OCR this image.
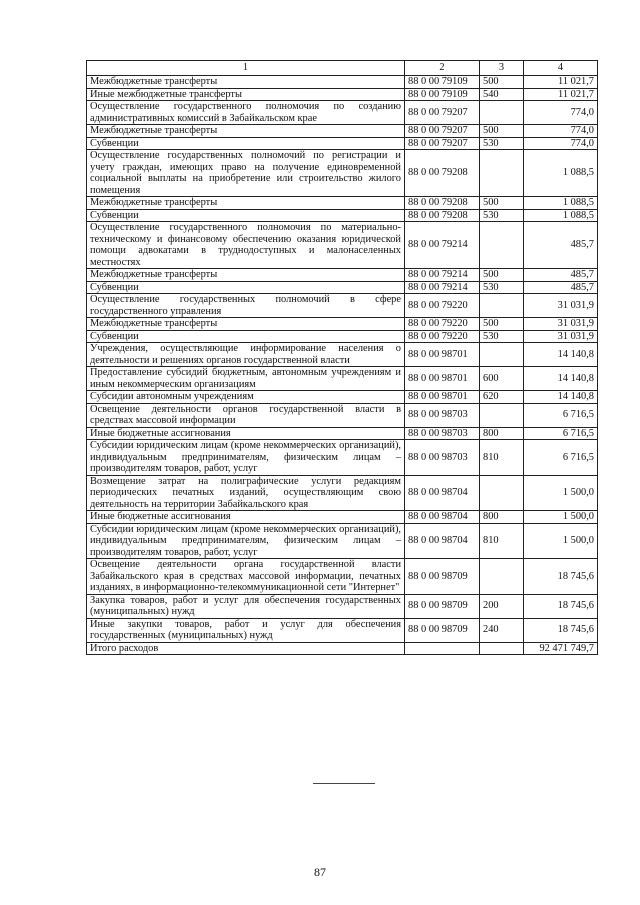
1	2	3	4
Межбюджетные трансферты	88 0 00 79109	500	11 021,7
Иные межбюджетные трансферты	88 0 00 79109	540	11 021,7
Осуществление государственного полномочия по созданию административных комиссий в Забайкальском крае	88 0 00 79207		774,0
Межбюджетные трансферты	88 0 00 79207	500	774,0
Субвенции	88 0 00 79207	530	774,0
Осуществление государственных полномочий по регистрации и учету граждан, имеющих право на получение единовременной социальной выплаты на приобретение или строительство жилого помещения	88 0 00 79208		1 088,5
Межбюджетные трансферты	88 0 00 79208	500	1 088,5
Субвенции	88 0 00 79208	530	1 088,5
Осуществление государственного полномочия по материально-техническому и финансовому обеспечению оказания юридической помощи адвокатами в труднодоступных и малонаселенных местностях	88 0 00 79214		485,7
Межбюджетные трансферты	88 0 00 79214	500	485,7
Субвенции	88 0 00 79214	530	485,7
Осуществление государственных полномочий в сфере государственного управления	88 0 00 79220		31 031,9
Межбюджетные трансферты	88 0 00 79220	500	31 031,9
Субвенции	88 0 00 79220	530	31 031,9
Учреждения, осуществляющие информирование населения о деятельности и решениях органов государственной власти	88 0 00 98701		14 140,8
Предоставление субсидий бюджетным, автономным учреждениям и иным некоммерческим организациям	88 0 00 98701	600	14 140,8
Субсидии автономным учреждениям	88 0 00 98701	620	14 140,8
Освещение деятельности органов государственной власти в средствах массовой информации	88 0 00 98703		6 716,5
Иные бюджетные ассигнования	88 0 00 98703	800	6 716,5
Субсидии юридическим лицам (кроме некоммерческих организаций), индивидуальным предпринимателям, физическим лицам – производителям товаров, работ, услуг	88 0 00 98703	810	6 716,5
Возмещение затрат на полиграфические услуги редакциям периодических печатных изданий, осуществляющим свою деятельность на территории Забайкальского края	88 0 00 98704		1 500,0
Иные бюджетные ассигнования	88 0 00 98704	800	1 500,0
Субсидии юридическим лицам (кроме некоммерческих организаций), индивидуальным предпринимателям, физическим лицам – производителям товаров, работ, услуг	88 0 00 98704	810	1 500,0
Освещение деятельности органа государственной власти Забайкальского края в средствах массовой информации, печатных изданиях, в информационно-телекоммуникационной сети "Интернет"	88 0 00 98709		18 745,6
Закупка товаров, работ и услуг для обеспечения государственных (муниципальных) нужд	88 0 00 98709	200	18 745,6
Иные закупки товаров, работ и услуг для обеспечения государственных (муниципальных) нужд	88 0 00 98709	240	18 745,6
Итого расходов			92 471 749,7
87
